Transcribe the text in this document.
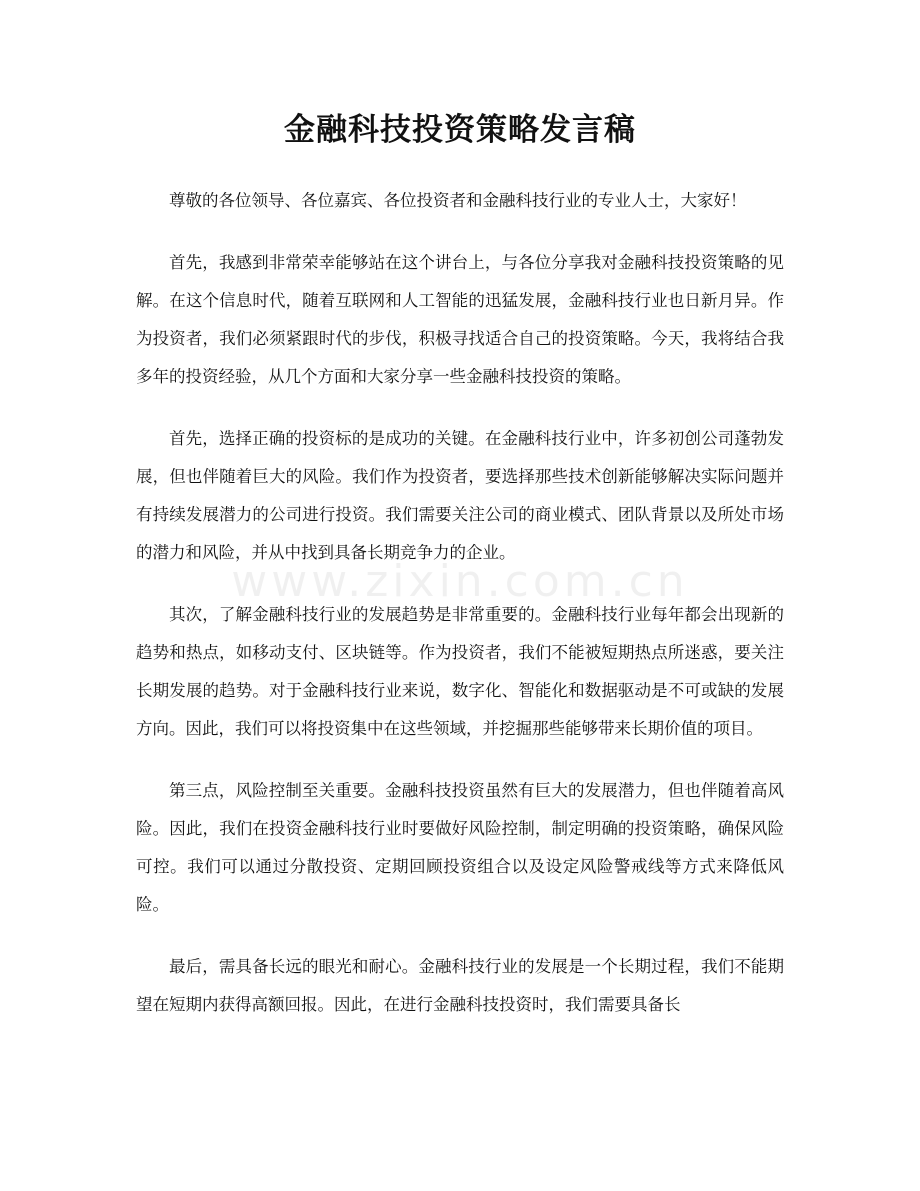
金融科技投资策略发言稿
www.zixin.com.cn

尊敬的各位领导、各位嘉宾、各位投资者和金融科技行业的专业人士，大家好！

首先，我感到非常荣幸能够站在这个讲台上，与各位分享我对金融科技投资策略的见解。在这个信息时代，随着互联网和人工智能的迅猛发展，金融科技行业也日新月异。作为投资者，我们必须紧跟时代的步伐，积极寻找适合自己的投资策略。今天，我将结合我多年的投资经验，从几个方面和大家分享一些金融科技投资的策略。

首先，选择正确的投资标的是成功的关键。在金融科技行业中，许多初创公司蓬勃发展，但也伴随着巨大的风险。我们作为投资者，要选择那些技术创新能够解决实际问题并有持续发展潜力的公司进行投资。我们需要关注公司的商业模式、团队背景以及所处市场的潜力和风险，并从中找到具备长期竞争力的企业。

其次，了解金融科技行业的发展趋势是非常重要的。金融科技行业每年都会出现新的趋势和热点，如移动支付、区块链等。作为投资者，我们不能被短期热点所迷惑，要关注长期发展的趋势。对于金融科技行业来说，数字化、智能化和数据驱动是不可或缺的发展方向。因此，我们可以将投资集中在这些领域，并挖掘那些能够带来长期价值的项目。

第三点，风险控制至关重要。金融科技投资虽然有巨大的发展潜力，但也伴随着高风险。因此，我们在投资金融科技行业时要做好风险控制，制定明确的投资策略，确保风险可控。我们可以通过分散投资、定期回顾投资组合以及设定风险警戒线等方式来降低风险。

最后，需具备长远的眼光和耐心。金融科技行业的发展是一个长期过程，我们不能期望在短期内获得高额回报。因此，在进行金融科技投资时，我们需要具备长
